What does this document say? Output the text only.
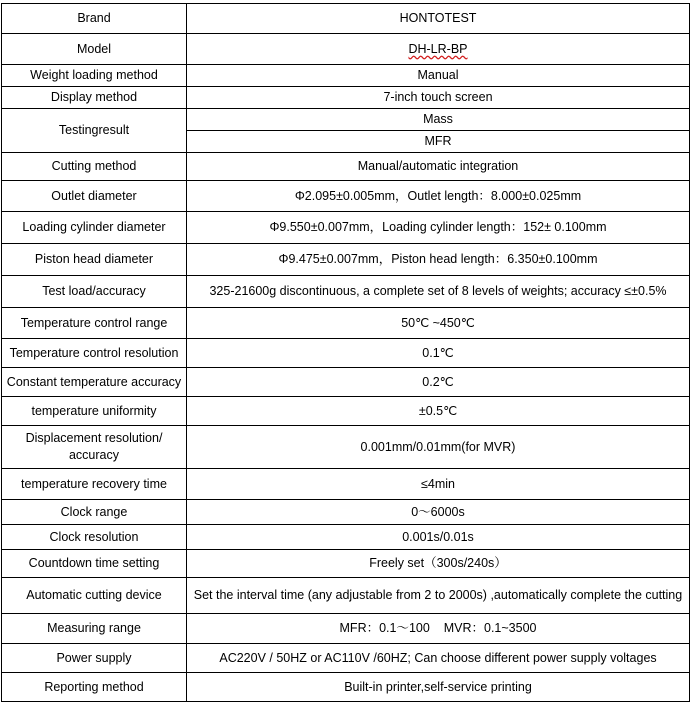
Brand	HONTOTEST
Model	DH-LR-BP
Weight loading method	Manual
Display method	7-inch touch screen
Testingresult	Mass
	MFR
Cutting method	Manual/automatic integration
Outlet diameter	Φ2.095±0.005mm，Outlet length：8.000±0.025mm
Loading cylinder diameter	Φ9.550±0.007mm，Loading cylinder length：152± 0.100mm
Piston head diameter	Φ9.475±0.007mm，Piston head length：6.350±0.100mm
Test load/accuracy	325-21600g discontinuous, a complete set of 8 levels of weights; accuracy ≤±0.5%
Temperature control range	50℃ ~450℃
Temperature control resolution	0.1℃
Constant temperature accuracy	0.2℃
temperature uniformity	±0.5℃

Displacement resolution/
accuracy	0.001mm/0.01mm(for MVR)
temperature recovery time	≤4min
Clock range	0～6000s
Clock resolution	0.001s/0.01s
Countdown time setting	Freely set（300s/240s）
Automatic cutting device	Set the interval time (any adjustable from 2 to 2000s) ,automatically complete the cutting
Measuring range	MFR：0.1～100    MVR：0.1~3500
Power supply	AC220V / 50HZ or AC110V /60HZ; Can choose different power supply voltages
Reporting method	Built-in printer,self-service printing
